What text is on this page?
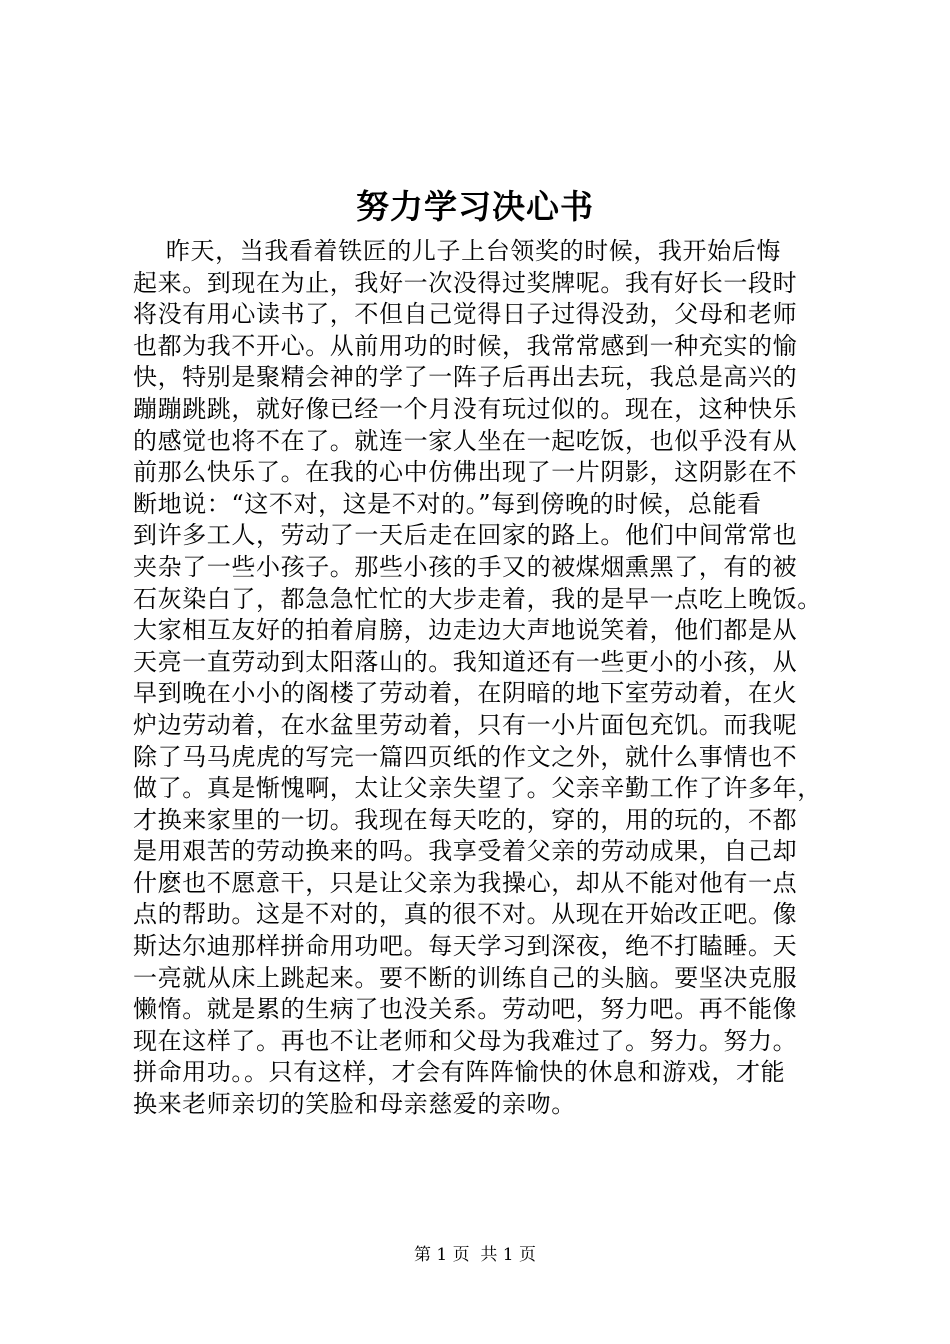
努力学习决心书
昨天，当我看着铁匠的儿子上台领奖的时候，我开始后悔
起来。到现在为止，我好一次没得过奖牌呢。我有好长一段时
将没有用心读书了，不但自己觉得日子过得没劲，父母和老师
也都为我不开心。从前用功的时候，我常常感到一种充实的愉
快，特别是聚精会神的学了一阵子后再出去玩，我总是高兴的
蹦蹦跳跳，就好像已经一个月没有玩过似的。现在，这种快乐
的感觉也将不在了。就连一家人坐在一起吃饭，也似乎没有从
前那么快乐了。在我的心中仿佛出现了一片阴影，这阴影在不
断地说：“这不对，这是不对的。”每到傍晚的时候，总能看
到许多工人，劳动了一天后走在回家的路上。他们中间常常也
夹杂了一些小孩子。那些小孩的手又的被煤烟熏黑了，有的被
石灰染白了，都急急忙忙的大步走着，我的是早一点吃上晚饭。
大家相互友好的拍着肩膀，边走边大声地说笑着，他们都是从
天亮一直劳动到太阳落山的。我知道还有一些更小的小孩，从
早到晚在小小的阁楼了劳动着，在阴暗的地下室劳动着，在火
炉边劳动着，在水盆里劳动着，只有一小片面包充饥。而我呢
除了马马虎虎的写完一篇四页纸的作文之外，就什么事情也不
做了。真是惭愧啊，太让父亲失望了。父亲辛勤工作了许多年，
才换来家里的一切。我现在每天吃的，穿的，用的玩的，不都
是用艰苦的劳动换来的吗。我享受着父亲的劳动成果，自己却
什麽也不愿意干，只是让父亲为我操心，却从不能对他有一点
点的帮助。这是不对的，真的很不对。从现在开始改正吧。像
斯达尔迪那样拼命用功吧。每天学习到深夜，绝不打瞌睡。天
一亮就从床上跳起来。要不断的训练自己的头脑。要坚决克服
懒惰。就是累的生病了也没关系。劳动吧，努力吧。再不能像
现在这样了。再也不让老师和父母为我难过了。努力。努力。
拼命用功。。只有这样，才会有阵阵愉快的休息和游戏，才能
换来老师亲切的笑脸和母亲慈爱的亲吻。
第 1 页  共 1 页
